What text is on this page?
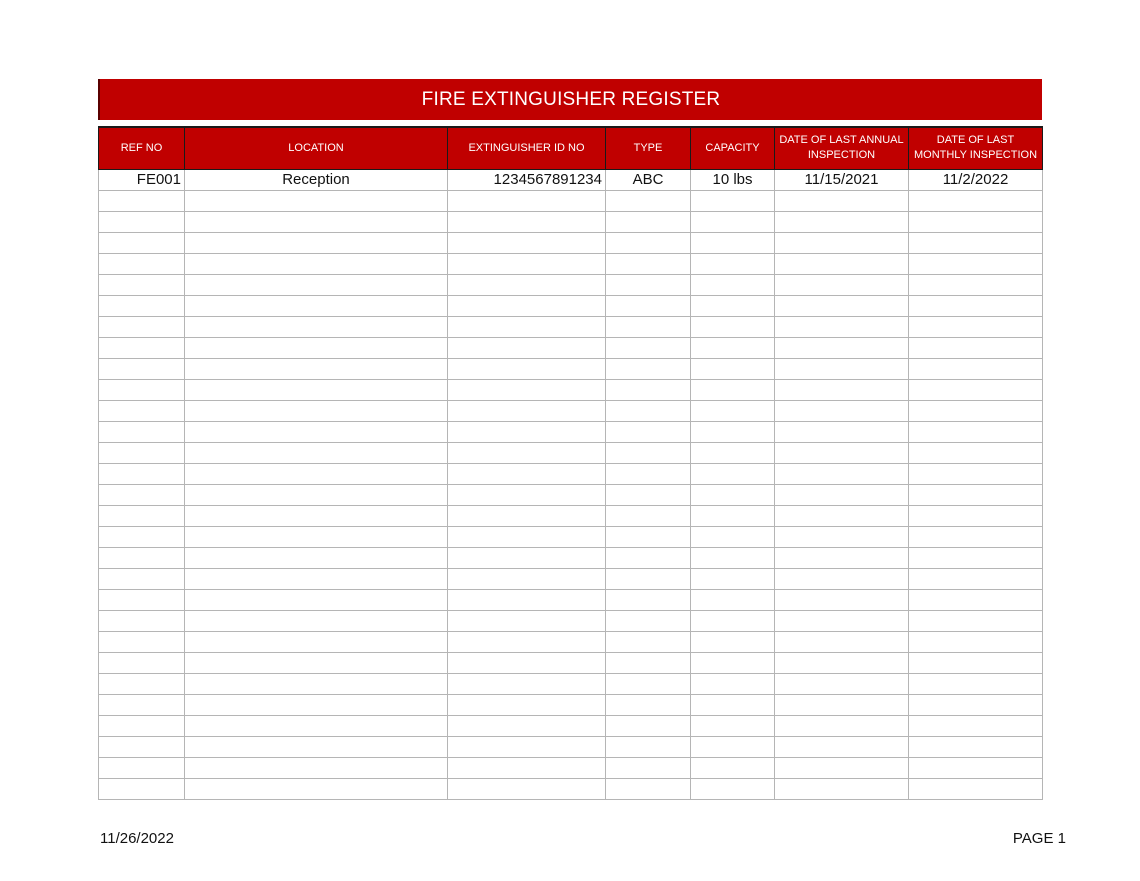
FIRE EXTINGUISHER REGISTER
REF NO	LOCATION	EXTINGUISHER ID NO	TYPE	CAPACITY	DATE OF LAST ANNUAL INSPECTION	DATE OF LAST MONTHLY INSPECTION
FE001	Reception	1234567891234	ABC	10 lbs	11/15/2021	11/2/2022

11/26/2022	PAGE 1
